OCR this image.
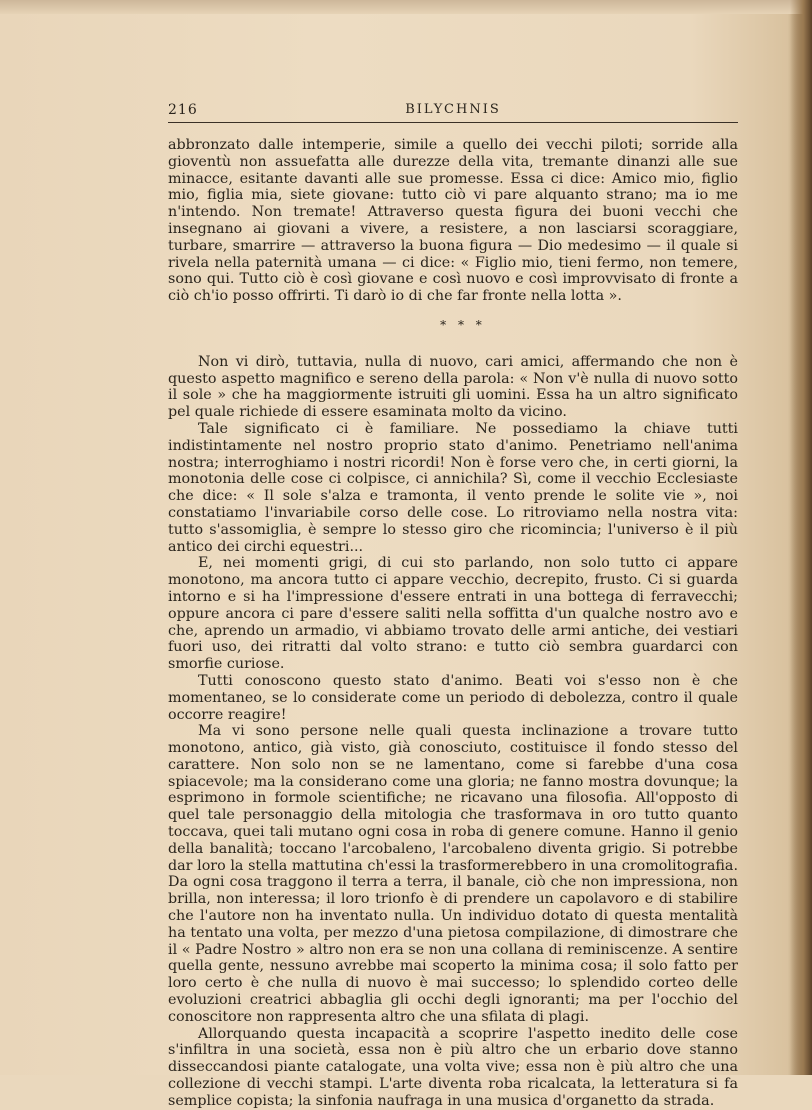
216	BILYCHNIS

abbronzato dalle intemperie, simile a quello dei vecchi piloti; sorride alla gioventù non assuefatta alle durezze della vita, tremante dinanzi alle sue minacce, esitante davanti alle sue promesse. Essa ci dice: Amico mio, figlio mio, figlia mia, siete giovane: tutto ciò vi pare alquanto strano; ma io me n'intendo. Non tremate! Attraverso questa figura dei buoni vecchi che insegnano ai giovani a vivere, a resistere, a non lasciarsi scoraggiare, turbare, smarrire — attraverso la buona figura — Dio medesimo — il quale si rivela nella paternità umana — ci dice: « Figlio mio, tieni fermo, non temere, sono qui. Tutto ciò è così giovane e così nuovo e così improvvisato di fronte a ciò ch'io posso offrirti. Ti darò io di che far fronte nella lotta ».

* * *

Non vi dirò, tuttavia, nulla di nuovo, cari amici, affermando che non è questo aspetto magnifico e sereno della parola: « Non v'è nulla di nuovo sotto il sole » che ha maggiormente istruiti gli uomini. Essa ha un altro significato pel quale richiede di essere esaminata molto da vicino.

Tale significato ci è familiare. Ne possediamo la chiave tutti indistintamente nel nostro proprio stato d'animo. Penetriamo nell'anima nostra; interroghiamo i nostri ricordi! Non è forse vero che, in certi giorni, la monotonia delle cose ci colpisce, ci annichila? Sì, come il vecchio Ecclesiaste che dice: « Il sole s'alza e tramonta, il vento prende le solite vie », noi constatiamo l'invariabile corso delle cose. Lo ritroviamo nella nostra vita: tutto s'assomiglia, è sempre lo stesso giro che ricomincia; l'universo è il più antico dei circhi equestri...

E, nei momenti grigi, di cui sto parlando, non solo tutto ci appare monotono, ma ancora tutto ci appare vecchio, decrepito, frusto. Ci si guarda intorno e si ha l'impressione d'essere entrati in una bottega di ferravecchi; oppure ancora ci pare d'essere saliti nella soffitta d'un qualche nostro avo e che, aprendo un armadio, vi abbiamo trovato delle armi antiche, dei vestiari fuori uso, dei ritratti dal volto strano: e tutto ciò sembra guardarci con smorfie curiose.

Tutti conoscono questo stato d'animo. Beati voi s'esso non è che momentaneo, se lo considerate come un periodo di debolezza, contro il quale occorre reagire!

Ma vi sono persone nelle quali questa inclinazione a trovare tutto monotono, antico, già visto, già conosciuto, costituisce il fondo stesso del carattere. Non solo non se ne lamentano, come si farebbe d'una cosa spiacevole; ma la considerano come una gloria; ne fanno mostra dovunque; la esprimono in formole scientifiche; ne ricavano una filosofia. All'opposto di quel tale personaggio della mitologia che trasformava in oro tutto quanto toccava, quei tali mutano ogni cosa in roba di genere comune. Hanno il genio della banalità; toccano l'arcobaleno, l'arcobaleno diventa grigio. Si potrebbe dar loro la stella mattutina ch'essi la trasformerebbero in una cromolitografia. Da ogni cosa traggono il terra a terra, il banale, ciò che non impressiona, non brilla, non interessa; il loro trionfo è di prendere un capolavoro e di stabilire che l'autore non ha inventato nulla. Un individuo dotato di questa mentalità ha tentato una volta, per mezzo d'una pietosa compilazione, di dimostrare che il « Padre Nostro » altro non era se non una collana di reminiscenze. A sentire quella gente, nessuno avrebbe mai scoperto la minima cosa; il solo fatto per loro certo è che nulla di nuovo è mai successo; lo splendido corteo delle evoluzioni creatrici abbaglia gli occhi degli ignoranti; ma per l'occhio del conoscitore non rappresenta altro che una sfilata di plagi.

Allorquando questa incapacità a scoprire l'aspetto inedito delle cose s'infiltra in una società, essa non è più altro che un erbario dove stanno disseccandosi piante catalogate, una volta vive; essa non è più altro che una collezione di vecchi stampi. L'arte diventa roba ricalcata, la letteratura si fa semplice copista; la sinfonia naufraga in una musica d'organetto da strada.
